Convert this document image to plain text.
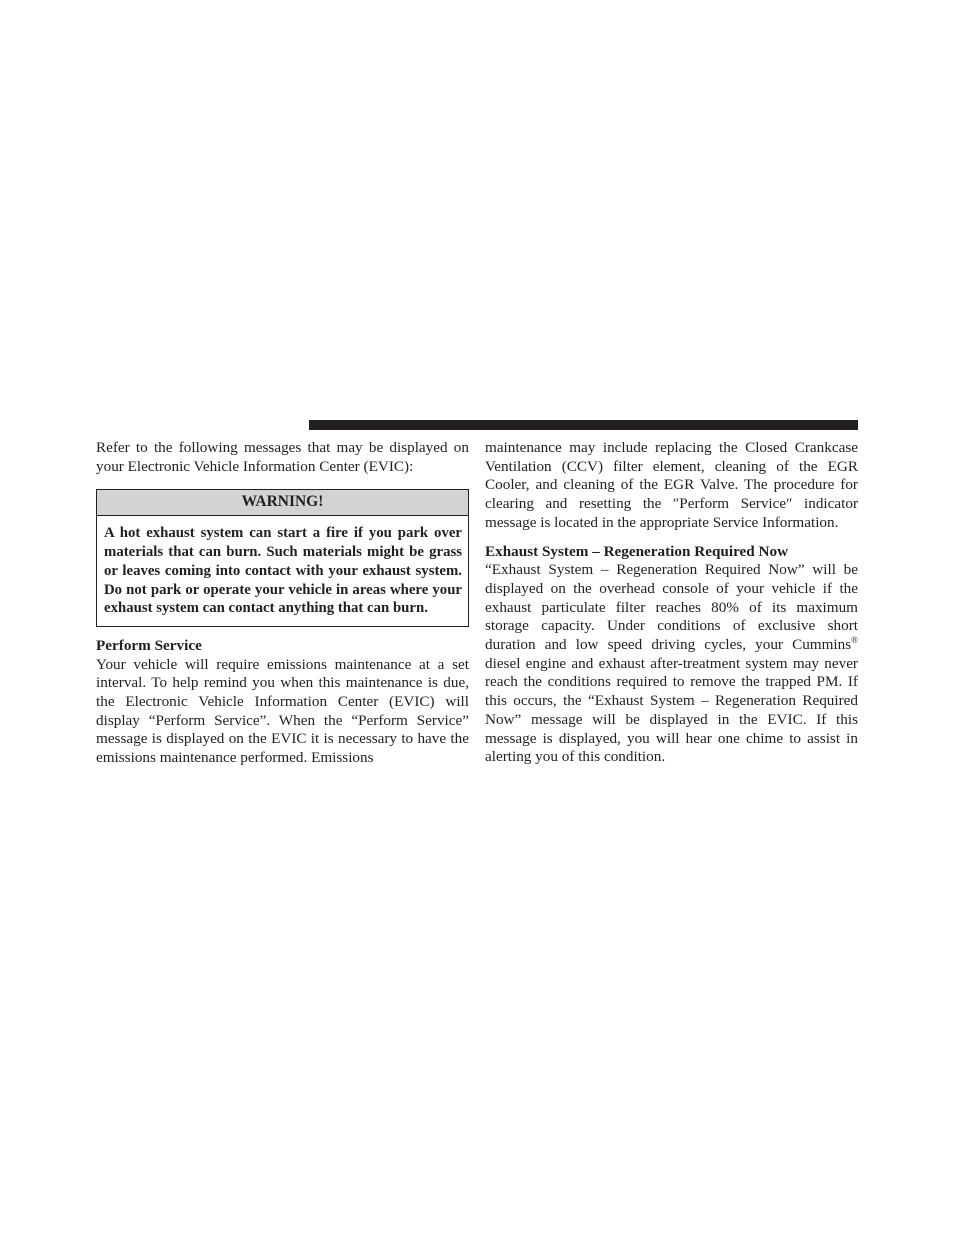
Refer to the following messages that may be displayed on your Electronic Vehicle Information Center (EVIC):

WARNING!
A hot exhaust system can start a fire if you park over materials that can burn. Such materials might be grass or leaves coming into contact with your exhaust system. Do not park or operate your vehicle in areas where your exhaust system can contact anything that can burn.

Perform Service

Your vehicle will require emissions maintenance at a set interval. To help remind you when this maintenance is due, the Electronic Vehicle Information Center (EVIC) will display “Perform Service”. When the “Perform Service” message is displayed on the EVIC it is necessary to have the emissions maintenance performed. Emissions

maintenance may include replacing the Closed Crankcase Ventilation (CCV) filter element, cleaning of the EGR Cooler, and cleaning of the EGR Valve. The procedure for clearing and resetting the ″Perform Service″ indicator message is located in the appropriate Service Information.

Exhaust System – Regeneration Required Now

“Exhaust System – Regeneration Required Now” will be displayed on the overhead console of your vehicle if the exhaust particulate filter reaches 80% of its maximum storage capacity. Under conditions of exclusive short duration and low speed driving cycles, your Cummins® diesel engine and exhaust after-treatment system may never reach the conditions required to remove the trapped PM. If this occurs, the “Exhaust System – Regeneration Required Now” message will be displayed in the EVIC. If this message is displayed, you will hear one chime to assist in alerting you of this condition.
